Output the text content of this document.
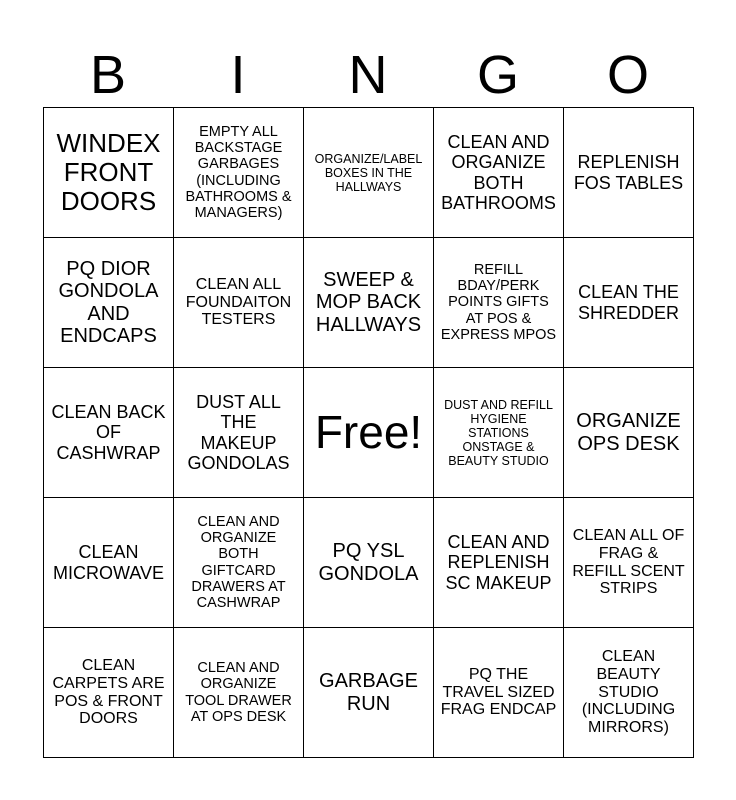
B	I	N	G	O
WINDEX FRONT DOORS	EMPTY ALL BACKSTAGE GARBAGES (INCLUDING BATHROOMS & MANAGERS)	ORGANIZE/LABEL BOXES IN THE HALLWAYS	CLEAN AND ORGANIZE BOTH BATHROOMS	REPLENISH FOS TABLES
PQ DIOR GONDOLA AND ENDCAPS	CLEAN ALL FOUNDAITON TESTERS	SWEEP & MOP BACK HALLWAYS	REFILL BDAY/PERK POINTS GIFTS AT POS & EXPRESS MPOS	CLEAN THE SHREDDER
CLEAN BACK OF CASHWRAP	DUST ALL THE MAKEUP GONDOLAS	Free!	DUST AND REFILL HYGIENE STATIONS ONSTAGE & BEAUTY STUDIO	ORGANIZE OPS DESK
CLEAN MICROWAVE	CLEAN AND ORGANIZE BOTH GIFTCARD DRAWERS AT CASHWRAP	PQ YSL GONDOLA	CLEAN AND REPLENISH SC MAKEUP	CLEAN ALL OF FRAG & REFILL SCENT STRIPS
CLEAN CARPETS ARE POS & FRONT DOORS	CLEAN AND ORGANIZE TOOL DRAWER AT OPS DESK	GARBAGE RUN	PQ THE TRAVEL SIZED FRAG ENDCAP	CLEAN BEAUTY STUDIO (INCLUDING MIRRORS)
